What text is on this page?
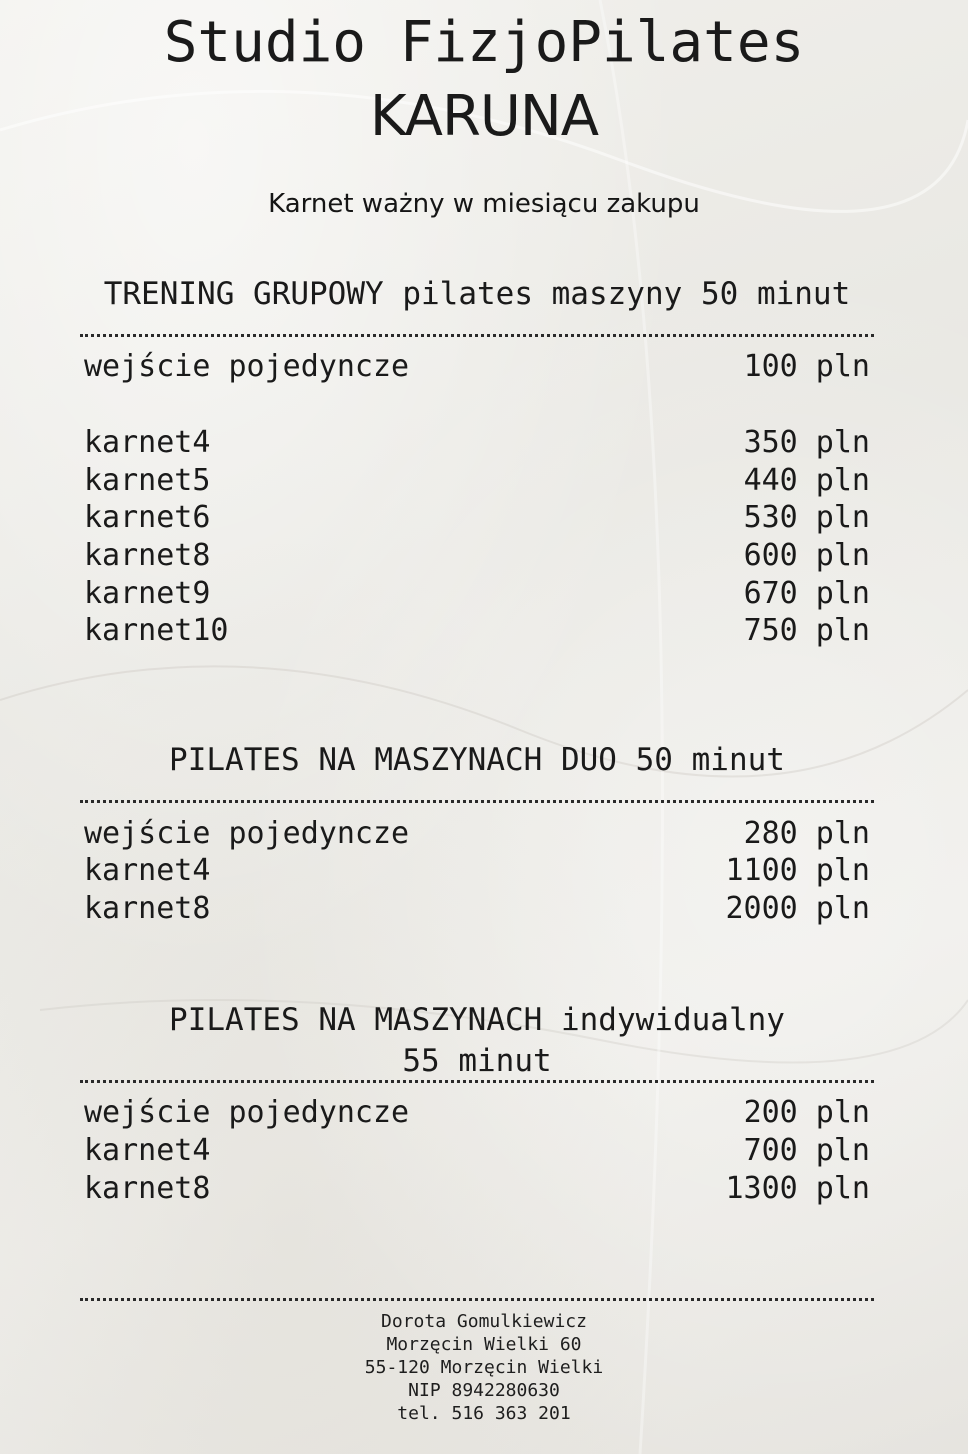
Studio FizjoPilates
KARUNA
Karnet ważny w miesiącu zakupu
TRENING GRUPOWY pilates maszyny 50 minut
wejście pojedyncze	100 pln
karnet4	350 pln
karnet5	440 pln
karnet6	530 pln
karnet8	600 pln
karnet9	670 pln
karnet10	750 pln
PILATES NA MASZYNACH DUO 50 minut
wejście pojedyncze	280 pln
karnet4	1100 pln
karnet8	2000 pln
PILATES NA MASZYNACH indywidualny
55 minut
wejście pojedyncze	200 pln
karnet4	700 pln
karnet8	1300 pln
Dorota Gomulkiewicz
Morzęcin Wielki 60
55-120 Morzęcin Wielki
NIP 8942280630
tel. 516 363 201
